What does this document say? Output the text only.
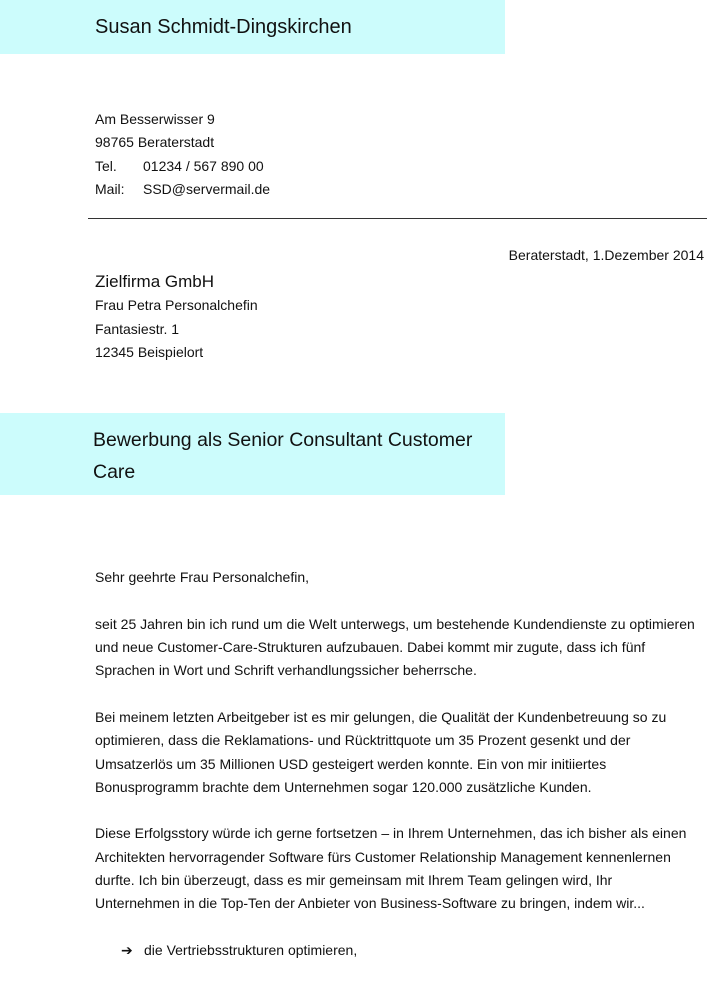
Susan Schmidt-Dingskirchen
Am Besserwisser 9
98765 Beraterstadt
Tel.	01234 / 567 890 00
Mail:	SSD@servermail.de
Beraterstadt, 1.Dezember 2014
Zielfirma GmbH
Frau Petra Personalchefin
Fantasiestr. 1
12345 Beispielort
Bewerbung als Senior Consultant Customer Care

Sehr geehrte Frau Personalchefin,

seit 25 Jahren bin ich rund um die Welt unterwegs, um bestehende Kundendienste zu optimieren und neue Customer-Care-Strukturen aufzubauen. Dabei kommt mir zugute, dass ich fünf Sprachen in Wort und Schrift verhandlungssicher beherrsche.

Bei meinem letzten Arbeitgeber ist es mir gelungen, die Qualität der Kundenbetreuung so zu optimieren, dass die Reklamations- und Rücktrittquote um 35 Prozent gesenkt und der Umsatzerlös um 35 Millionen USD gesteigert werden konnte. Ein von mir initiiertes Bonusprogramm brachte dem Unternehmen sogar 120.000 zusätzliche Kunden.

Diese Erfolgsstory würde ich gerne fortsetzen – in Ihrem Unternehmen, das ich bisher als einen Architekten hervorragender Software fürs Customer Relationship Management kennenlernen durfte. Ich bin überzeugt, dass es mir gemeinsam mit Ihrem Team gelingen wird, Ihr Unternehmen in die Top-Ten der Anbieter von Business-Software zu bringen, indem wir...

➔ die Vertriebsstrukturen optimieren,
